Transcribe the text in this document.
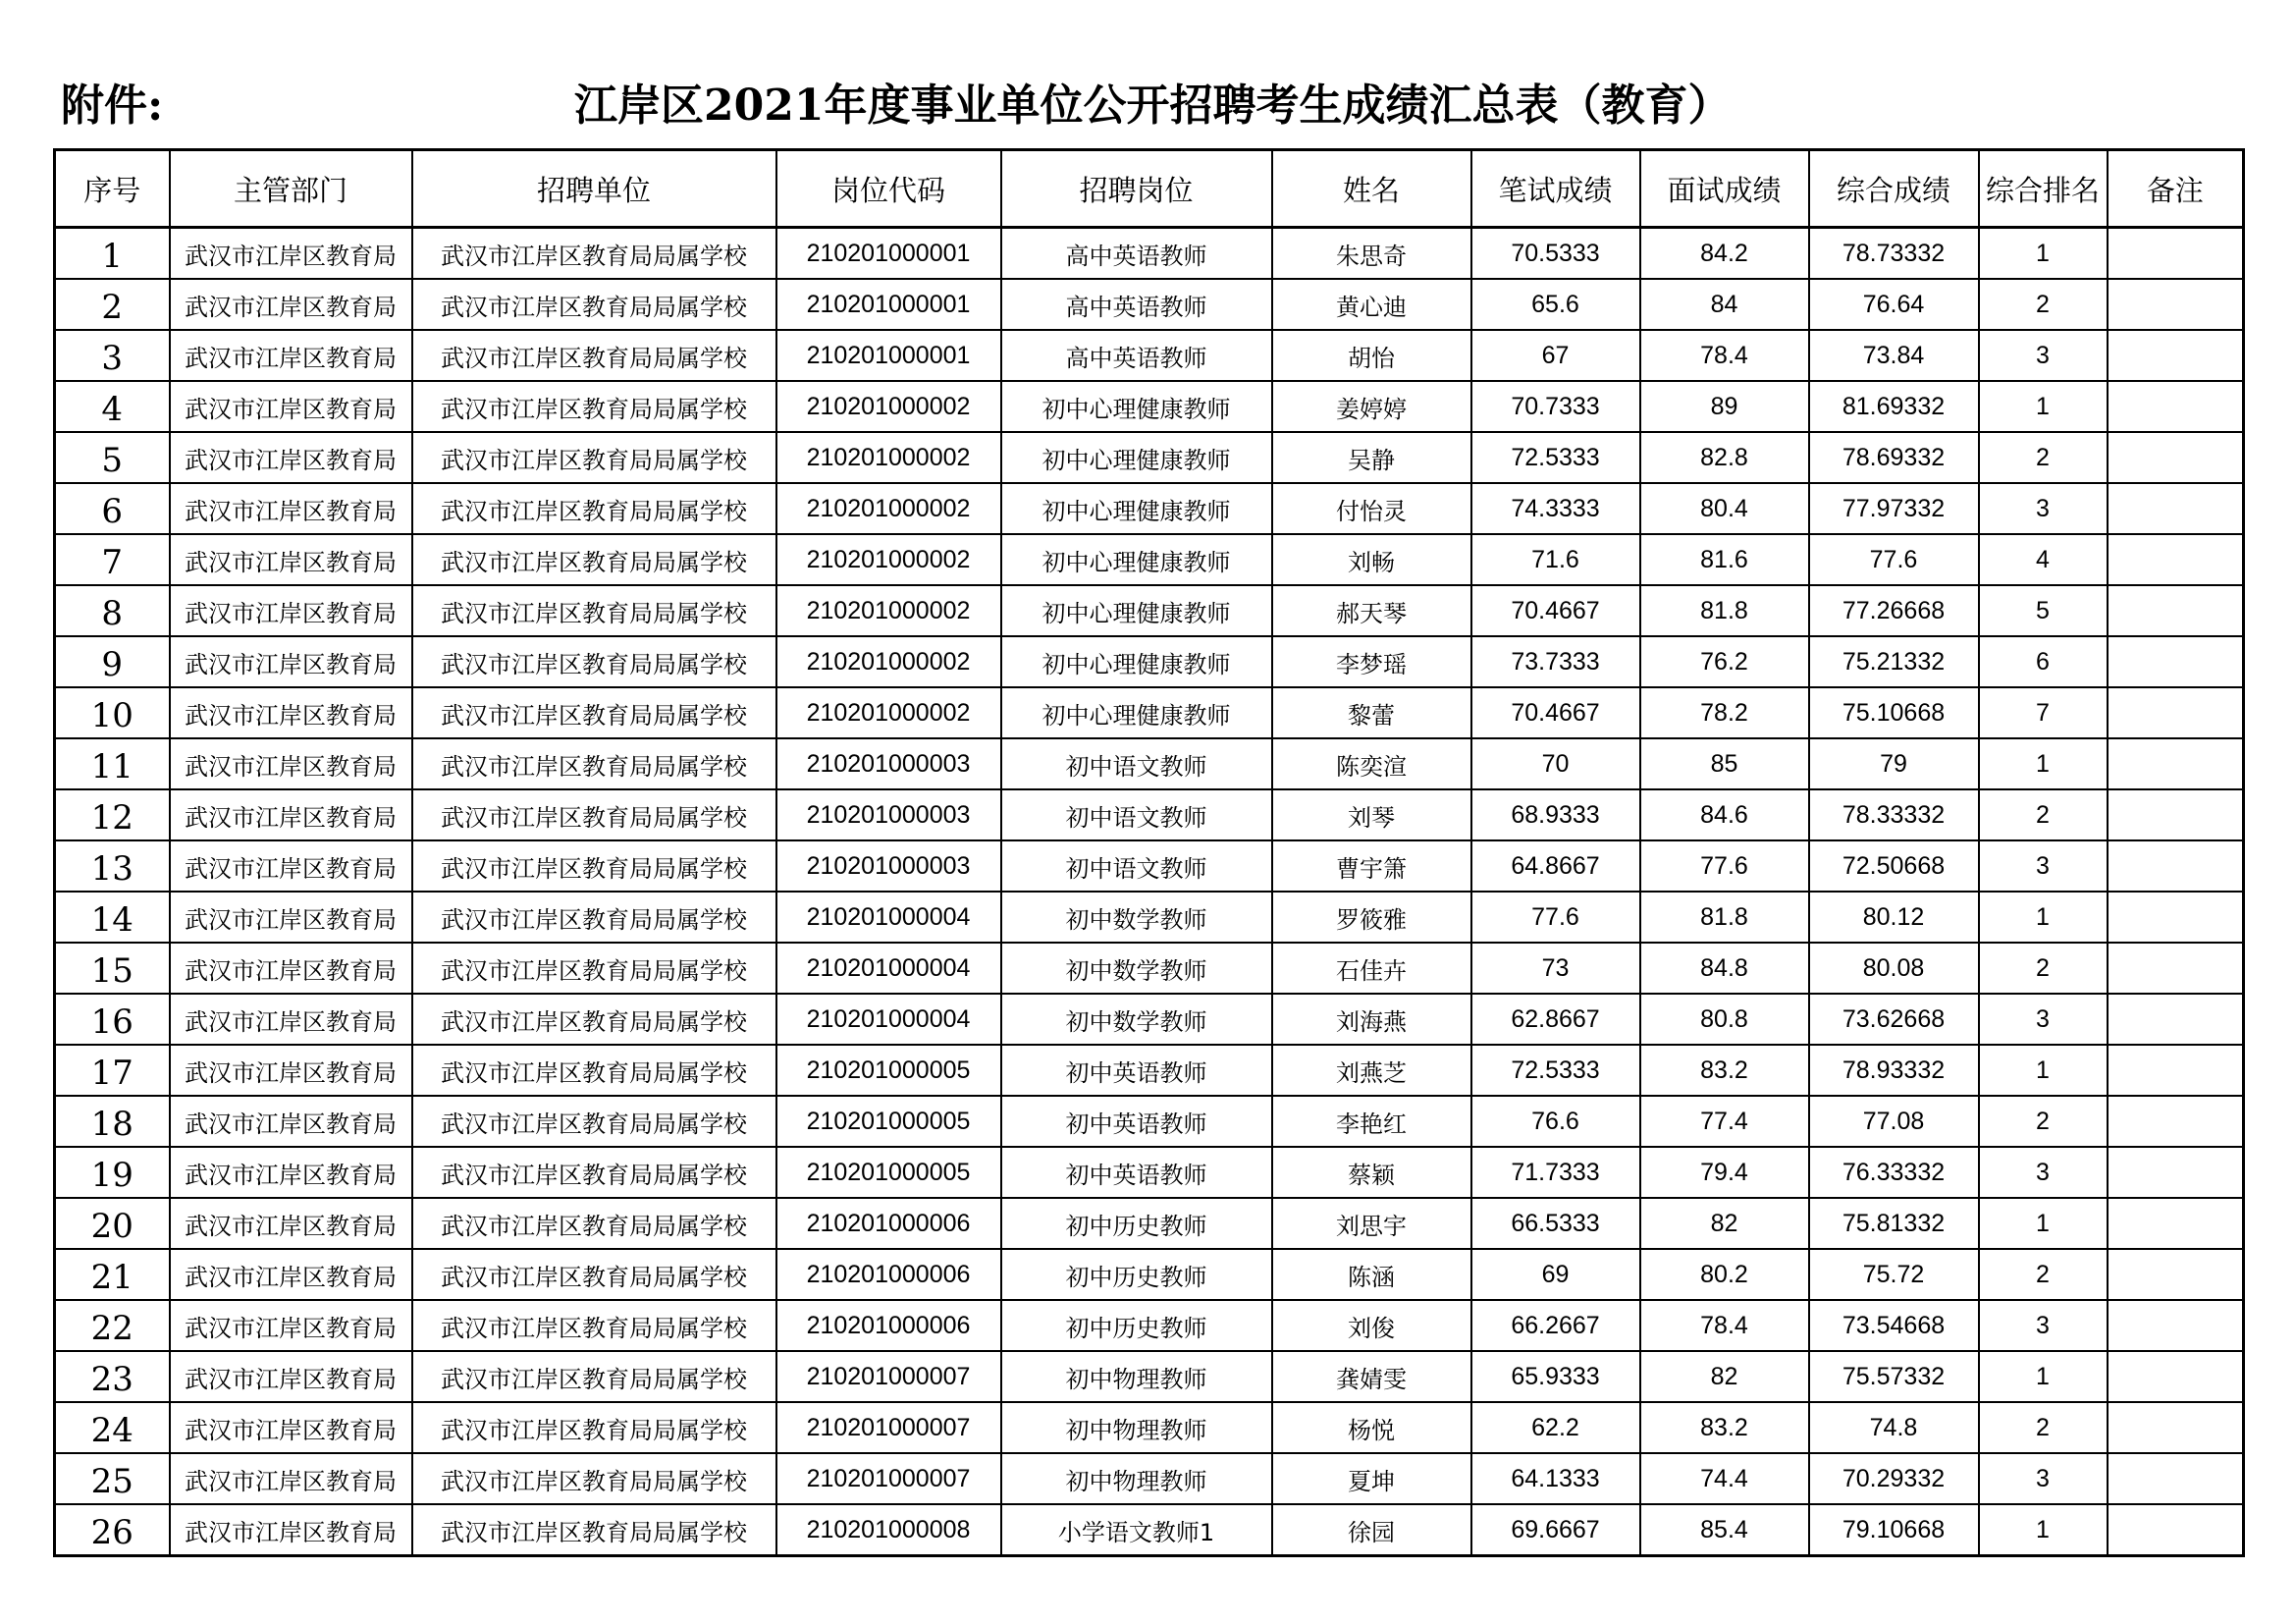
附件:	江岸区2021年度事业单位公开招聘考生成绩汇总表（教育）
序号	主管部门	招聘单位	岗位代码	招聘岗位	姓名	笔试成绩	面试成绩	综合成绩	综合排名	备注
1	武汉市江岸区教育局	武汉市江岸区教育局局属学校	210201000001	高中英语教师	朱思奇	70.5333	84.2	78.73332	1	
2	武汉市江岸区教育局	武汉市江岸区教育局局属学校	210201000001	高中英语教师	黄心迪	65.6	84	76.64	2	
3	武汉市江岸区教育局	武汉市江岸区教育局局属学校	210201000001	高中英语教师	胡怡	67	78.4	73.84	3	
4	武汉市江岸区教育局	武汉市江岸区教育局局属学校	210201000002	初中心理健康教师	姜婷婷	70.7333	89	81.69332	1	
5	武汉市江岸区教育局	武汉市江岸区教育局局属学校	210201000002	初中心理健康教师	吴静	72.5333	82.8	78.69332	2	
6	武汉市江岸区教育局	武汉市江岸区教育局局属学校	210201000002	初中心理健康教师	付怡灵	74.3333	80.4	77.97332	3	
7	武汉市江岸区教育局	武汉市江岸区教育局局属学校	210201000002	初中心理健康教师	刘畅	71.6	81.6	77.6	4	
8	武汉市江岸区教育局	武汉市江岸区教育局局属学校	210201000002	初中心理健康教师	郝天琴	70.4667	81.8	77.26668	5	
9	武汉市江岸区教育局	武汉市江岸区教育局局属学校	210201000002	初中心理健康教师	李梦瑶	73.7333	76.2	75.21332	6	
10	武汉市江岸区教育局	武汉市江岸区教育局局属学校	210201000002	初中心理健康教师	黎蕾	70.4667	78.2	75.10668	7	
11	武汉市江岸区教育局	武汉市江岸区教育局局属学校	210201000003	初中语文教师	陈奕渲	70	85	79	1	
12	武汉市江岸区教育局	武汉市江岸区教育局局属学校	210201000003	初中语文教师	刘琴	68.9333	84.6	78.33332	2	
13	武汉市江岸区教育局	武汉市江岸区教育局局属学校	210201000003	初中语文教师	曹宇箫	64.8667	77.6	72.50668	3	
14	武汉市江岸区教育局	武汉市江岸区教育局局属学校	210201000004	初中数学教师	罗筱雅	77.6	81.8	80.12	1	
15	武汉市江岸区教育局	武汉市江岸区教育局局属学校	210201000004	初中数学教师	石佳卉	73	84.8	80.08	2	
16	武汉市江岸区教育局	武汉市江岸区教育局局属学校	210201000004	初中数学教师	刘海燕	62.8667	80.8	73.62668	3	
17	武汉市江岸区教育局	武汉市江岸区教育局局属学校	210201000005	初中英语教师	刘燕芝	72.5333	83.2	78.93332	1	
18	武汉市江岸区教育局	武汉市江岸区教育局局属学校	210201000005	初中英语教师	李艳红	76.6	77.4	77.08	2	
19	武汉市江岸区教育局	武汉市江岸区教育局局属学校	210201000005	初中英语教师	蔡颖	71.7333	79.4	76.33332	3	
20	武汉市江岸区教育局	武汉市江岸区教育局局属学校	210201000006	初中历史教师	刘思宇	66.5333	82	75.81332	1	
21	武汉市江岸区教育局	武汉市江岸区教育局局属学校	210201000006	初中历史教师	陈涵	69	80.2	75.72	2	
22	武汉市江岸区教育局	武汉市江岸区教育局局属学校	210201000006	初中历史教师	刘俊	66.2667	78.4	73.54668	3	
23	武汉市江岸区教育局	武汉市江岸区教育局局属学校	210201000007	初中物理教师	龚婧雯	65.9333	82	75.57332	1	
24	武汉市江岸区教育局	武汉市江岸区教育局局属学校	210201000007	初中物理教师	杨悦	62.2	83.2	74.8	2	
25	武汉市江岸区教育局	武汉市江岸区教育局局属学校	210201000007	初中物理教师	夏坤	64.1333	74.4	70.29332	3	
26	武汉市江岸区教育局	武汉市江岸区教育局局属学校	210201000008	小学语文教师1	徐园	69.6667	85.4	79.10668	1	
